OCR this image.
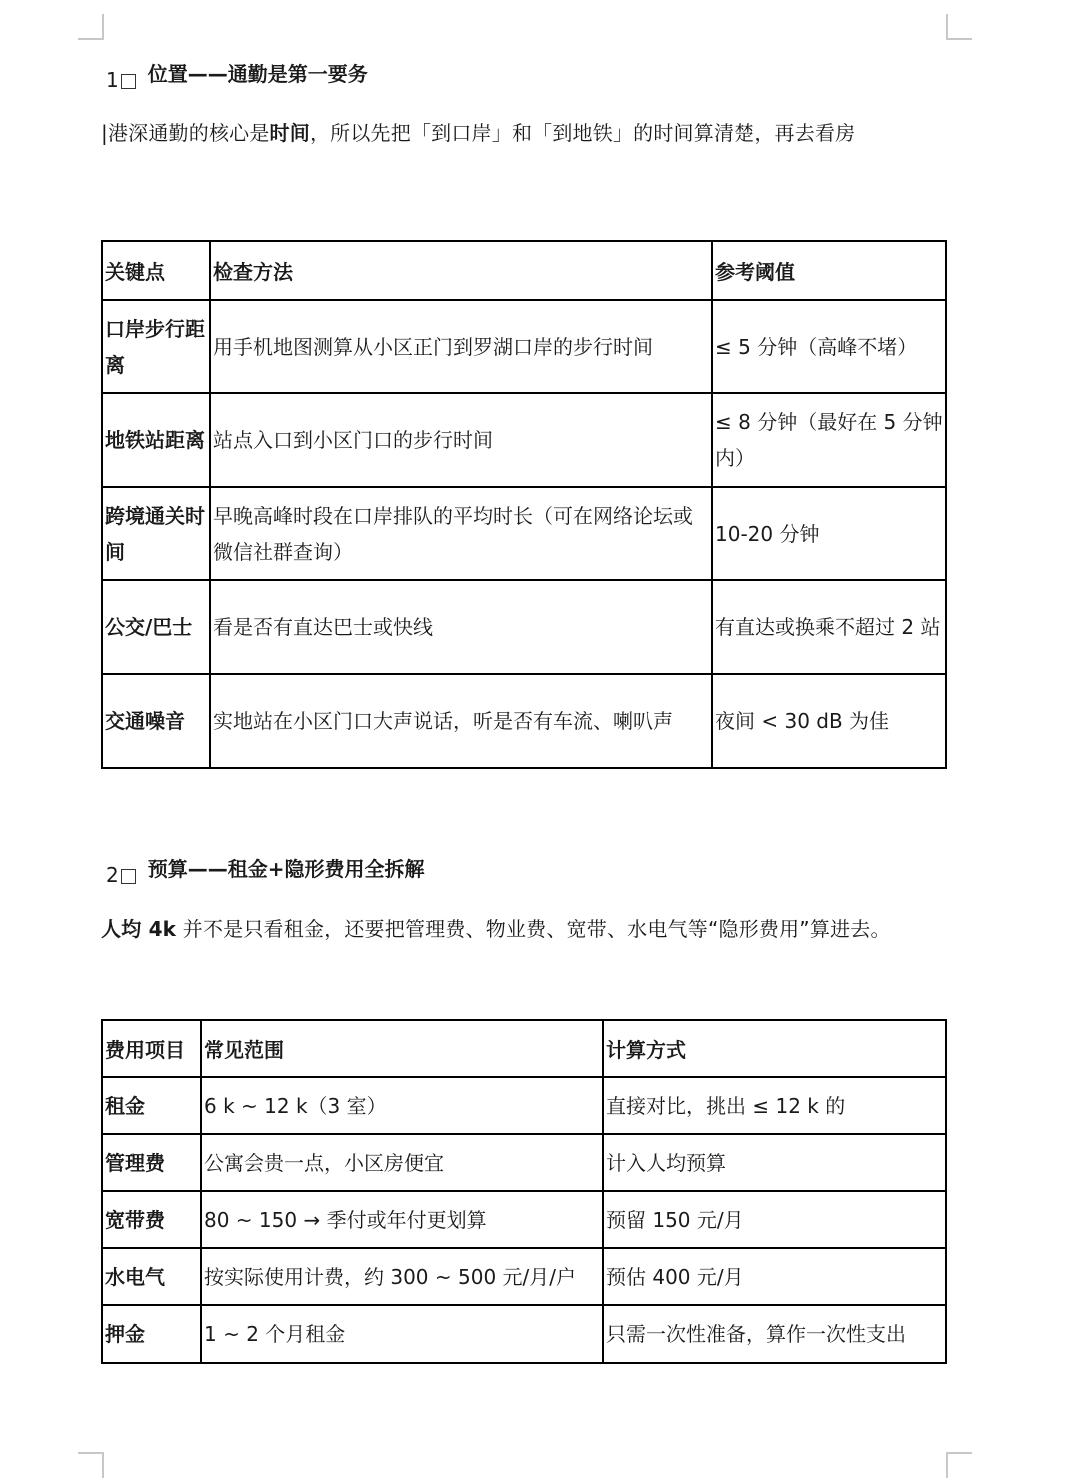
1 位置——通勤是第一要务
|港深通勤的核心是时间，所以先把「到口岸」和「到地铁」的时间算清楚，再去看房
关键点	检查方法	参考阈值
口岸步行距离	用手机地图测算从小区正门到罗湖口岸的步行时间	≤ 5 分钟（高峰不堵）
地铁站距离	站点入口到小区门口的步行时间	≤ 8 分钟（最好在 5 分钟内）
跨境通关时间	早晚高峰时段在口岸排队的平均时长（可在网络论坛或微信社群查询）	10-20 分钟
公交/巴士	看是否有直达巴士或快线	有直达或换乘不超过 2 站
交通噪音	实地站在小区门口大声说话，听是否有车流、喇叭声	夜间 < 30 dB 为佳
2 预算——租金+隐形费用全拆解
人均 4k 并不是只看租金，还要把管理费、物业费、宽带、水电气等“隐形费用”算进去。
费用项目	常见范围	计算方式
租金	6 k ~ 12 k（3 室）	直接对比，挑出 ≤ 12 k 的
管理费	公寓会贵一点，小区房便宜	计入人均预算
宽带费	80 ~ 150 → 季付或年付更划算	预留 150 元/月
水电气	按实际使用计费，约 300 ~ 500 元/月/户	预估 400 元/月
押金	1 ~ 2 个月租金	只需一次性准备，算作一次性支出
